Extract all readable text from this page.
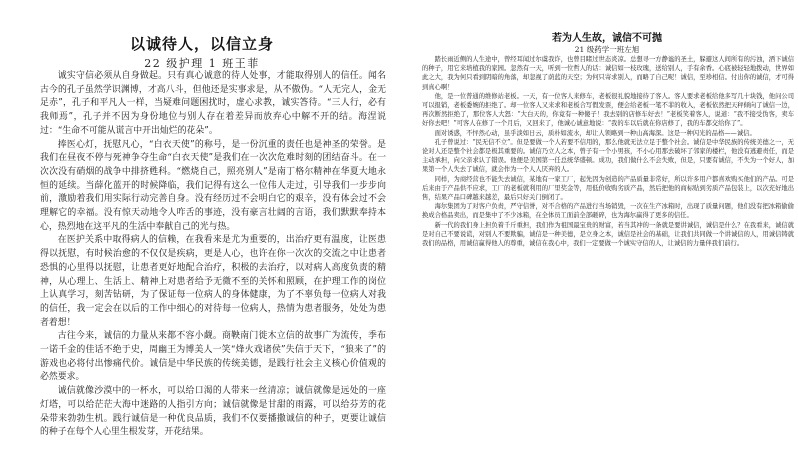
以诚待人，以信立身
22 级护理 1 班王菲

诚实守信必须从自身做起。只有真心诚意的待人处事，才能取得别人的信任。闻名古今的孔子虽然学识渊博，才高八斗，但他还是实事求是，从不傲伪。“人无完人，金无足赤”，孔子和平凡人一样，当疑难问题困扰时，虚心求教，诚实答待。“三人行，必有我师焉”，孔子并不因为身份地位与别人存在着差异而放弃心中解不开的结。海涅说过：“生命不可能从谎言中开出灿烂的花朵”。

捧医心灯，抚慰凡心，“白衣天使”的称号，是一份沉重的责任也是神圣的荣誉。是我们在昼夜不停与死神争夺生命“白衣天使”是我们在一次次危难时刻的团结奋斗。在一次次没有硝烟的战争中排挤甦科。“燃烧自己，照亮别人”是南丁格尔精神在华夏大地永恒的延续。当薛化蓝开的时候降临，我们记得有这么一位伟人走过，引导我们一步步向前，激励着我们用实际行动完善自身。没有经历过不会明白它的艰辛，没有体会过不会理解它的幸福。没有惊天动地令人咋舌的事迹，没有豪言壮阔的言语，我们默默奉持本心，热烈地在这平凡的生活中奉献自己的光与热。

在医护关系中取得病人的信赖，在我看来是尤为重要的，出治疗更有温度，让医患得以抚慰，有时候治愈的不仅仅是疾病，更是人心，也许在你一次次的交流之中让患者恐惧的心里得以抚慰，让患者更好地配合治疗，积极的去治疗，以对病人高度负责的精神，从心理上、生活上、精神上对患者给予无微不至的关怀和照顾，在护理工作的岗位上认真学习，刻苦钻研，为了保证每一位病人的身体健康，为了不辜负每一位病人对我的信任，我一定会在以后的工作中细心的对待每一位病人，热情为患者服务，处处为患者着想！

古往今来，诚信的力量从来都不容小觑。商鞅南门徙木立信的故事广为流传，季布一诺千金的佳话不绝于史，周幽王为博美人一笑“烽火戏诸侯”失信于天下，“狼来了”的游戏也必将付出惨痛代价。诚信是中华民族的传统美德，是践行社会主义核心价值观的必然要求。

诚信就像沙漠中的一杯水，可以给口渴的人带来一丝清凉；诚信就像是远处的一座灯塔，可以给茫茫大海中迷路的人指引方向；诚信就像是甘甜的雨露，可以给芬芳的花朵带来勃勃生机。践行诚信是一种优良品质，我们不仅要播撒诚信的种子，更要让诚信的种子在每个人心里生根发芽，开花结果。

若为人生故，诚信不可抛
21 级药学一班左旭

踏长雨近侧的人生途中，曾经耳闻过尔虞我诈，也曾目睹过世态炎凉。总想寻一方静谧的圣土，躲避这人间所有的污浊，洒下诚信的种子，用它来培植我的家园。忽然有一天，听到一位哲人的话：诚信如一枝玫瑰，送给别人，手有余香。心底被轻轻地拨动，世界如此之大，我为何只看到阴暗的角落，却忽视了荫蓝的天空；为何只寄求别人，而略了自己呢！诚信，至珍相信。付出你的诚信，才可得到真心啊！

他，是一位普通的维修站老板。一天，有一位客人来修车，老板很礼貌地接待了客人。客人要求老板给他多写几十块钱，他问公司可以报销，老板委婉的拒绝了。却一位客人又来求和老板合写假发票，便会给老板一笔不菲的收入，老板依然把天秤倾向了诚信一边，再次断然拒绝了，那位客人大怒：“大白天的，你竟有一种傻子！我去别的店修车好去！”老板笑着客人，说道：“我不接受伪客，卖车好你去吧！”可客人在修了一个月后，又回来了，他诚心诚意地说：“我的车以后就在你店修了，我的车都交给你了”。

面对诱惑，不怦然心动，虽乎淡如日云，质朴如流水，却让人领略到一种山高海深。这是一种闪光的品格——诚信。

孔子曾说过：“民无信不立”。但是要做一个人若要不信用的，那么他就无法立足于整个社会。诚信是中华民族的传统美德之一，无论对人还是整个社会都是极其重要的。诚信乃立人之本，曾子有一个小男孩，不小心用那去破坏了邻家的楼栏，他没有逃避责任，而是主动承担，向父亲求认了错误。他便是美国第一任总统华盛顿。成功，我们做什么不会失败，但是，只要有诚信，不失为一个好人，加果第一个人失去了诚信，就会作为一个人人厌弃的人。

同样，为商经营也不能失去诚信，某地有一家工厂，起先因为创造的产品质量非常好，所以许多用户都喜欢购买他们的产品。可是后来由于产品供不应求，工厂的老板就利用的厂里奖金等，用低价收购劣质产品，然后把他的商标贴到劣质产品包装上，以次充好地出售，结果产品口碑越来越差，最后只好关门倒闭了。

海尔集团为了对客户负责，严守信誉，对不合格的产品进行当场销毁，一次在生产冰箱时，出现了质量问题，他们没有把冰箱偷偷换成合格品卖出，而是集中了不少冰箱，在全体员工面前全部砸碎，也为海尔赢得了更多的信任。

新一代的我们身上担负着千斤重担，我们作为祖国最宝贵的财富，若当其冲的一条就是要讲诚信，诚信是什么？在我看来，诚信就是对自己不要说谎，对别人不要欺骗，诚信是一种美德，是立身之本，诚信是社会的基础，让我们共同做一个讲诚信的人，用诚信铸就我们的品格，用诚信赢得他人的尊重，诚信在我心中，我们一定要做一个诚实守信的人，让诚信的力量伴我们前行。
